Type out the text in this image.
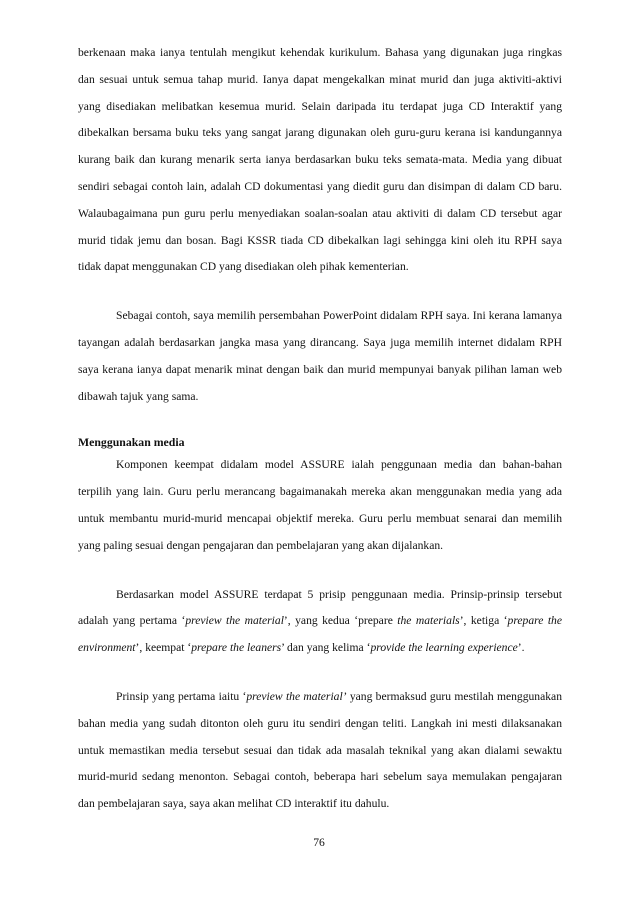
berkenaan maka ianya tentulah mengikut kehendak kurikulum. Bahasa yang digunakan juga ringkas dan sesuai untuk semua tahap murid. Ianya dapat mengekalkan minat murid dan juga aktiviti-aktivi yang disediakan melibatkan kesemua murid. Selain daripada itu terdapat juga CD Interaktif yang dibekalkan bersama buku teks yang sangat jarang digunakan oleh guru-guru kerana isi kandungannya kurang baik dan kurang menarik serta ianya berdasarkan buku teks semata-mata. Media yang dibuat sendiri sebagai contoh lain, adalah CD dokumentasi yang diedit guru dan disimpan di dalam CD baru. Walaubagaimana pun guru perlu menyediakan soalan-soalan atau aktiviti di dalam CD tersebut agar murid tidak jemu dan bosan. Bagi KSSR tiada CD dibekalkan lagi sehingga kini oleh itu RPH saya tidak dapat menggunakan CD yang disediakan oleh pihak kementerian.

Sebagai contoh, saya memilih persembahan PowerPoint didalam RPH saya. Ini kerana lamanya tayangan adalah berdasarkan jangka masa yang dirancang. Saya juga memilih internet didalam RPH saya kerana ianya dapat menarik minat dengan baik dan murid mempunyai banyak pilihan laman web dibawah tajuk yang sama.

Menggunakan media

Komponen keempat didalam model ASSURE ialah penggunaan media dan bahan-bahan terpilih yang lain. Guru perlu merancang bagaimanakah mereka akan menggunakan media yang ada untuk membantu murid-murid mencapai objektif mereka. Guru perlu membuat senarai dan memilih yang paling sesuai dengan pengajaran dan pembelajaran yang akan dijalankan.

Berdasarkan model ASSURE terdapat 5 prisip penggunaan media. Prinsip-prinsip tersebut adalah yang pertama ‘preview the material’, yang kedua ‘prepare the materials’, ketiga ‘prepare the environment’, keempat ‘prepare the leaners’ dan yang kelima ‘provide the learning experience’.

Prinsip yang pertama iaitu ‘preview the material’ yang bermaksud guru mestilah menggunakan bahan media yang sudah ditonton oleh guru itu sendiri dengan teliti. Langkah ini mesti dilaksanakan untuk memastikan media tersebut sesuai dan tidak ada masalah teknikal yang akan dialami sewaktu murid-murid sedang menonton. Sebagai contoh, beberapa hari sebelum saya memulakan pengajaran dan pembelajaran saya, saya akan melihat CD interaktif itu dahulu.

76
